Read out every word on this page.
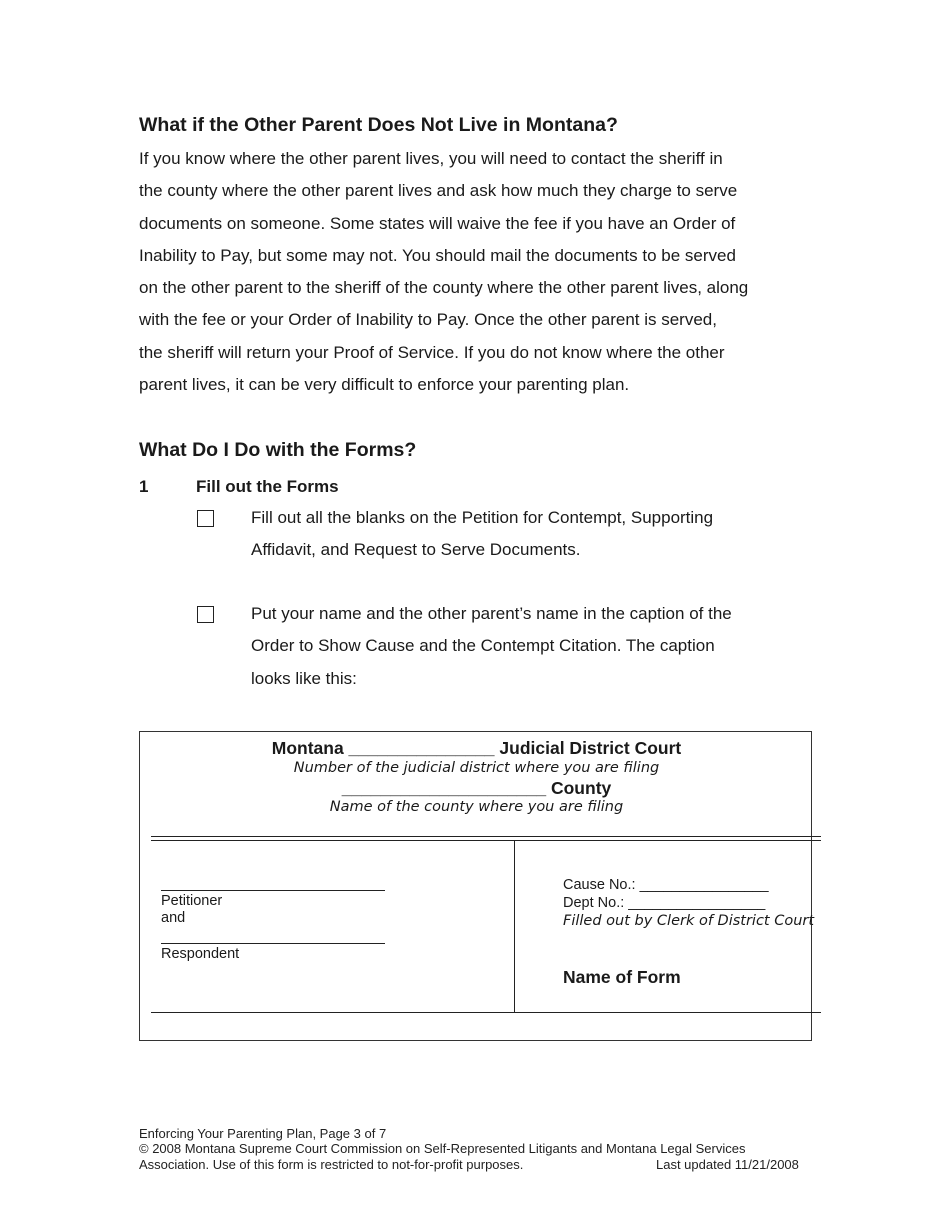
What if the Other Parent Does Not Live in Montana?
If you know where the other parent lives, you will need to contact the sheriff in
the county where the other parent lives and ask how much they charge to serve
documents on someone. Some states will waive the fee if you have an Order of
Inability to Pay, but some may not. You should mail the documents to be served
on the other parent to the sheriff of the county where the other parent lives, along
with the fee or your Order of Inability to Pay. Once the other parent is served,
the sheriff will return your Proof of Service. If you do not know where the other
parent lives, it can be very difficult to enforce your parenting plan.
What Do I Do with the Forms?
1	Fill out the Forms
Fill out all the blanks on the Petition for Contempt, Supporting
Affidavit, and Request to Serve Documents.
Put your name and the other parent’s name in the caption of the
Order to Show Cause and the Contempt Citation. The caption
looks like this:
Montana _______________ Judicial District Court
Number of the judicial district where you are filing
_____________________ County
Name of the county where you are filing
Petitioner
and
Respondent
Cause No.: ________________
Dept No.: _________________
Filled out by Clerk of District Court
Name of Form
Enforcing Your Parenting Plan, Page 3 of 7
© 2008 Montana Supreme Court Commission on Self-Represented Litigants and Montana Legal Services
Association. Use of this form is restricted to not-for-profit purposes.	Last updated 11/21/2008
